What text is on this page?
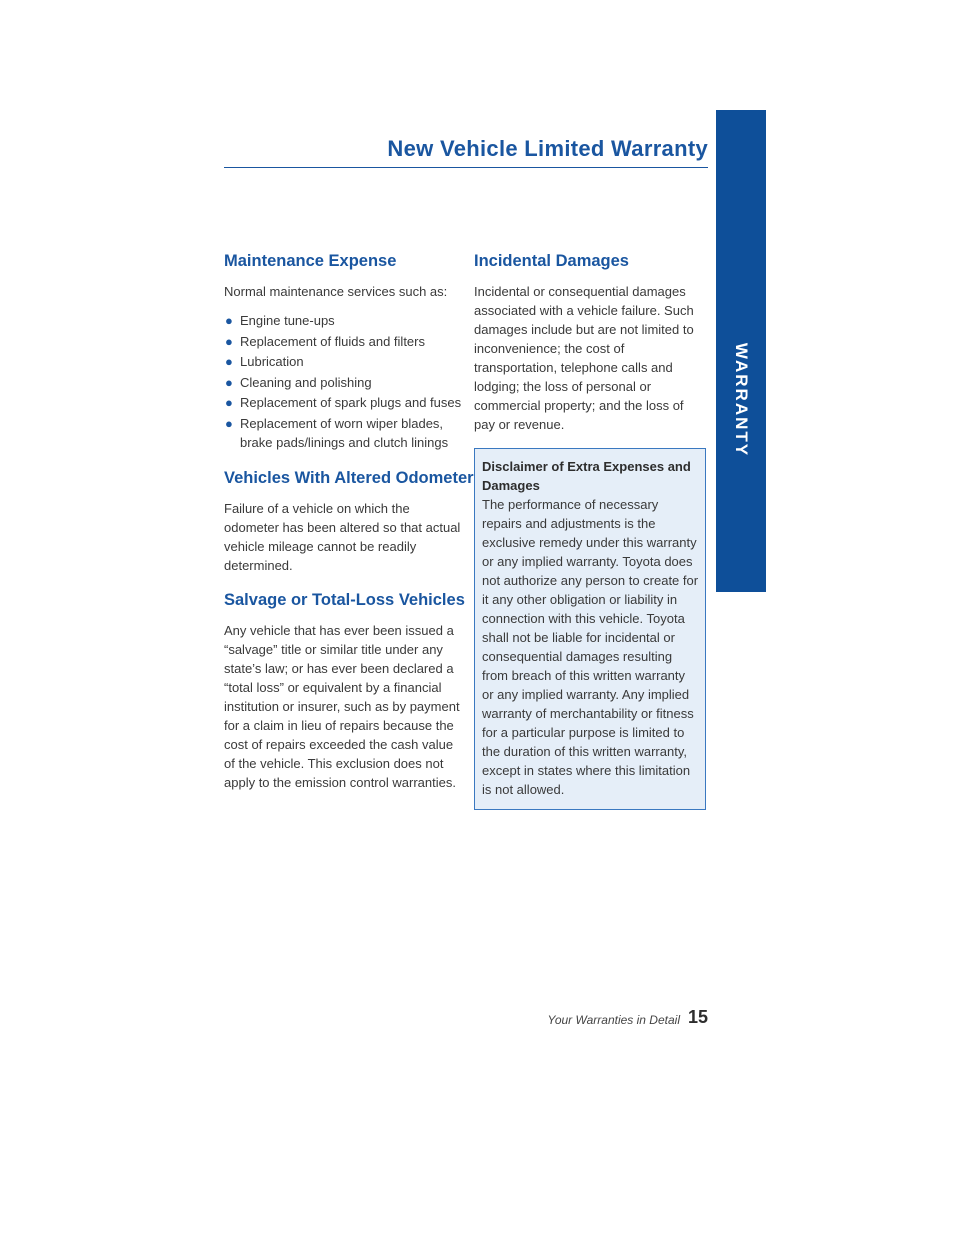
New Vehicle Limited Warranty
WARRANTY
Maintenance Expense

Normal maintenance services such as:

● Engine tune-ups
● Replacement of fluids and filters
● Lubrication
● Cleaning and polishing
● Replacement of spark plugs and fuses
● Replacement of worn wiper blades, brake pads/linings and clutch linings
Vehicles With Altered Odometer

Failure of a vehicle on which the odometer has been altered so that actual vehicle mileage cannot be readily determined.

Salvage or Total-Loss Vehicles

Any vehicle that has ever been issued a “salvage” title or similar title under any state’s law; or has ever been declared a “total loss” or equivalent by a financial institution or insurer, such as by payment for a claim in lieu of repairs because the cost of repairs exceeded the cash value of the vehicle. This exclusion does not apply to the emission control warranties.

Incidental Damages

Incidental or consequential damages associated with a vehicle failure. Such damages include but are not limited to inconvenience; the cost of transportation, telephone calls and lodging; the loss of personal or commercial property; and the loss of pay or revenue.

Disclaimer of Extra Expenses and Damages

The performance of necessary repairs and adjustments is the exclusive remedy under this warranty or any implied warranty. Toyota does not authorize any person to create for it any other obligation or liability in connection with this vehicle. Toyota shall not be liable for incidental or consequential damages resulting from breach of this written warranty or any implied warranty. Any implied warranty of merchantability or fitness for a particular purpose is limited to the duration of this written warranty, except in states where this limitation is not allowed.

Your Warranties in Detail 15
